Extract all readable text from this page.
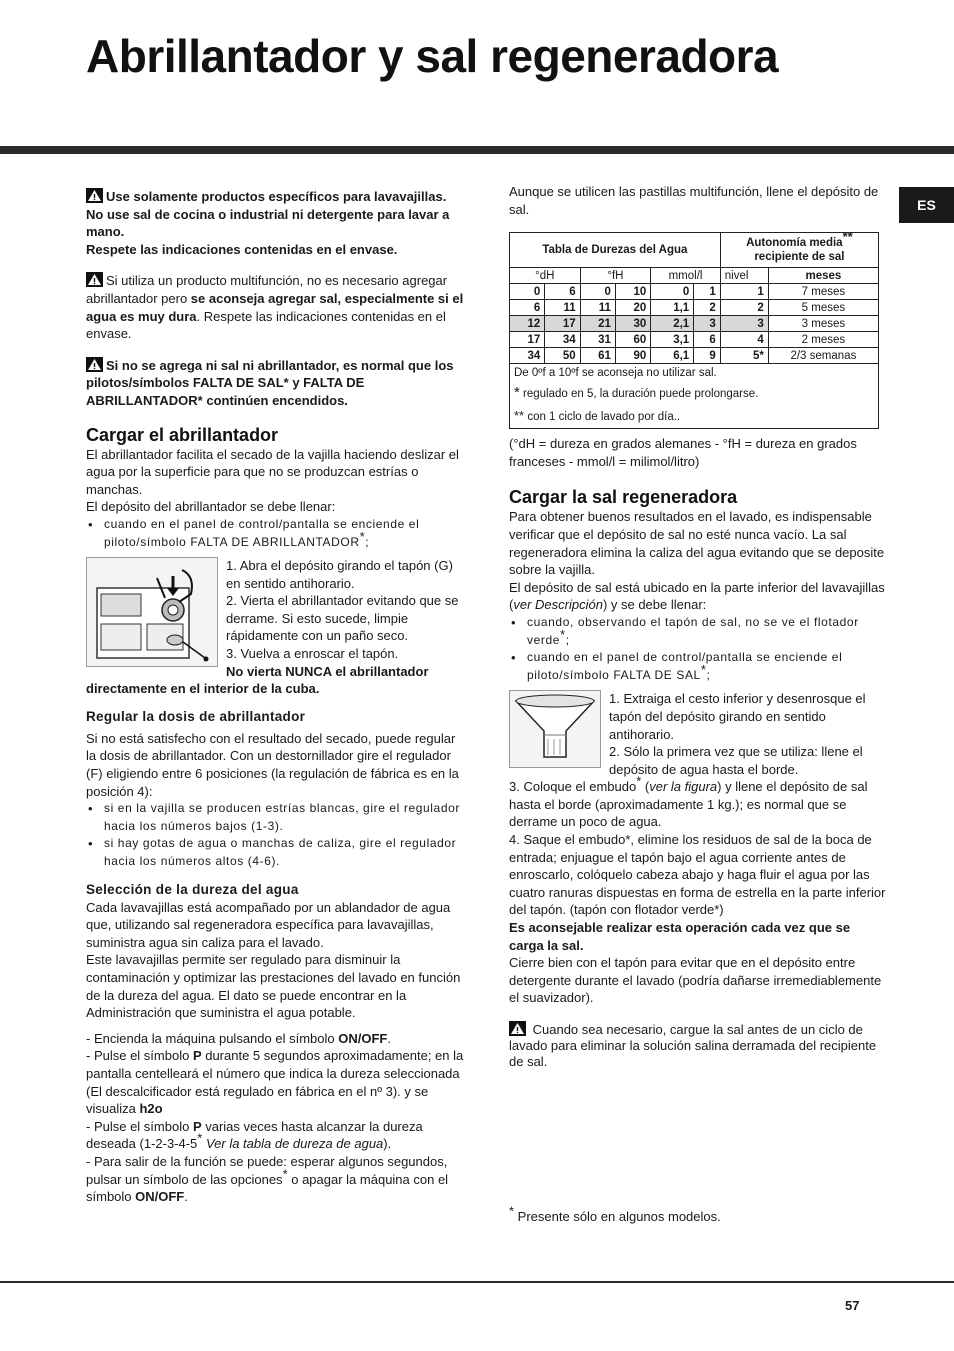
Abrillantador y sal regeneradora
ES

Use solamente productos específicos para lavavajillas.
No use sal de cocina o industrial ni detergente para lavar a mano.
Respete las indicaciones contenidas en el envase.

Si utiliza un producto multifunción, no es necesario agregar abrillantador pero se aconseja agregar sal, especialmente si el agua es muy dura. Respete las indicaciones contenidas en el envase.

Si no se agrega ni sal ni abrillantador, es normal que los pilotos/símbolos FALTA DE SAL* y FALTA DE ABRILLANTADOR* continúen encendidos.

Cargar el abrillantador

El abrillantador facilita el secado de la vajilla haciendo deslizar el agua por la superficie para que no se produzcan estrías o manchas.

El depósito del abrillantador se debe llenar:

• cuando en el panel de control/pantalla se enciende el piloto/símbolo FALTA DE ABRILLANTADOR*;

1. Abra el depósito girando el tapón (G) en sentido antihorario.

2. Vierta el abrillantador evitando que se derrame. Si esto sucede, limpie rápidamente con un paño seco.

3. Vuelva a enroscar el tapón.

No vierta NUNCA el abrillantador

directamente en el interior de la cuba.

Regular la dosis de abrillantador

Si no está satisfecho con el resultado del secado, puede regular la dosis de abrillantador. Con un destornillador gire el regulador (F) eligiendo entre 6 posiciones (la regulación de fábrica es en la posición 4):

• si en la vajilla se producen estrías blancas, gire el regulador hacia los números bajos (1-3).
• si hay gotas de agua o manchas de caliza, gire el regulador hacia los números altos (4-6).
Selección de la dureza del agua

Cada lavavajillas está acompañado por un ablandador de agua que, utilizando sal regeneradora específica para lavavajillas, suministra agua sin caliza para el lavado.

Este lavavajillas permite ser regulado para disminuir la contaminación y optimizar las prestaciones del lavado en función de la dureza del agua. El dato se puede encontrar en la Administración que suministra el agua potable.

- Encienda la máquina pulsando el símbolo ON/OFF.

- Pulse el símbolo P durante 5 segundos aproximadamente; en la pantalla centelleará el número que indica la dureza seleccionada (El descalcificador está regulado en fábrica en el nº 3). y se visualiza h2o

- Pulse el símbolo P varias veces hasta alcanzar la dureza deseada (1-2-3-4-5* Ver la tabla de dureza de agua).

- Para salir de la función se puede: esperar algunos segundos, pulsar un símbolo de las opciones* o apagar la máquina con el símbolo ON/OFF.

Aunque se utilicen las pastillas multifunción, llene el depósito de sal.

Tabla de Durezas del Agua						Autonomía media**
recipiente de sal	
°dH		°fH		mmol/l		nivel	meses
0	6	0	10	0	1	1	7 meses
6	11	11	20	1,1	2	2	5 meses
12	17	21	30	2,1	3	3	3 meses
17	34	31	60	3,1	6	4	2 meses
34	50	61	90	6,1	9	5*	2/3 semanas

De 0ºf a 10ºf se aconseja no utilizar sal.
* regulado en 5, la duración puede prolongarse.
** con 1 ciclo de lavado por día..							

(°dH = dureza en grados alemanes - °fH = dureza en grados franceses - mmol/l = milimol/litro)

Cargar la sal regeneradora

Para obtener buenos resultados en el lavado, es indispensable verificar que el depósito de sal no esté nunca vacío. La sal regeneradora elimina la caliza del agua evitando que se deposite sobre la vajilla.

El depósito de sal está ubicado en la parte inferior del lavavajillas (ver Descripción) y se debe llenar:

• cuando, observando el tapón de sal, no se ve el flotador verde*;
• cuando en el panel de control/pantalla se enciende el piloto/símbolo FALTA DE SAL*;

1. Extraiga el cesto inferior y desenrosque el tapón del depósito girando en sentido antihorario.

2. Sólo la primera vez que se utiliza: llene el depósito de agua hasta el borde.

3. Coloque el embudo* (ver la figura) y llene el depósito de sal hasta el borde (aproximadamente 1 kg.); es normal que se derrame un poco de agua.

4. Saque el embudo*, elimine los residuos de sal de la boca de entrada; enjuague el tapón bajo el agua corriente antes de enroscarlo, colóquelo cabeza abajo y haga fluir el agua por las cuatro ranuras dispuestas en forma de estrella en la parte inferior del tapón. (tapón con flotador verde*)

Es aconsejable realizar esta operación cada vez que se carga la sal.

Cierre bien con el tapón para evitar que en el depósito entre detergente durante el lavado (podría dañarse irremediablemente el suavizador).

Cuando sea necesario, cargue la sal antes de un ciclo de lavado para eliminar la solución salina derramada del recipiente de sal.

* Presente sólo en algunos modelos.

57
